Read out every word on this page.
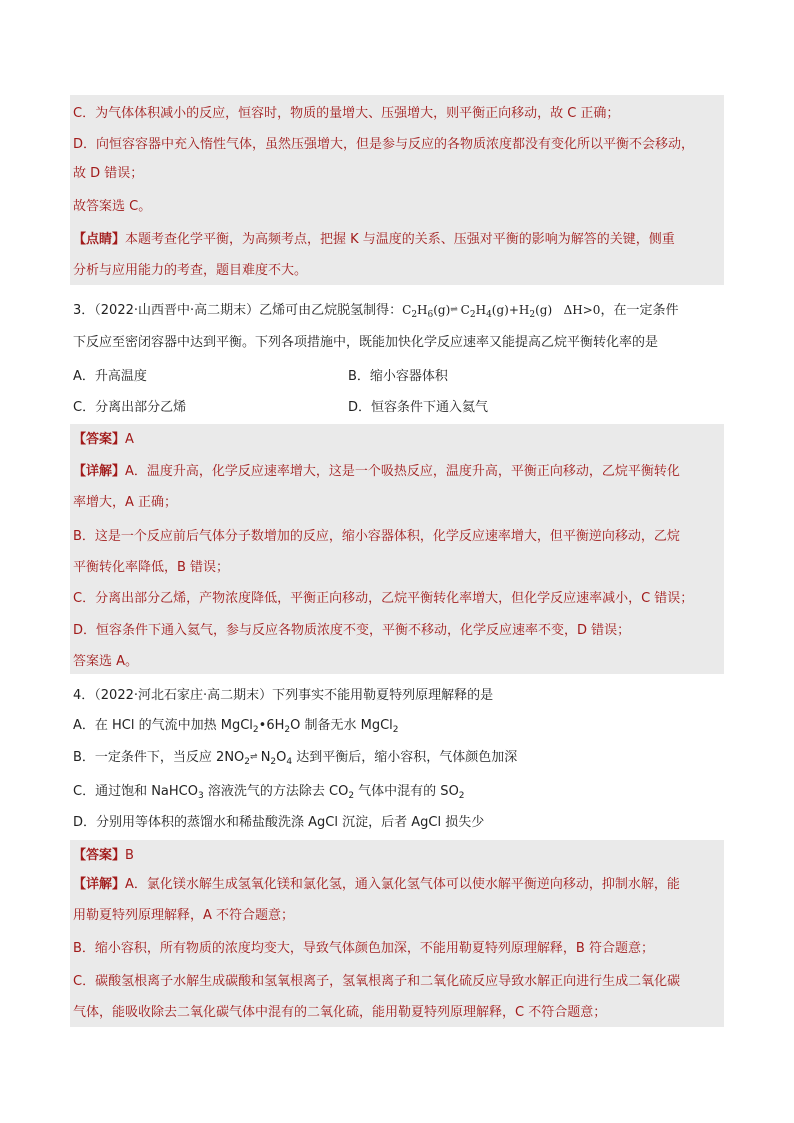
C．为气体体积减小的反应，恒容时，物质的量增大、压强增大，则平衡正向移动，故 C 正确；
D．向恒容容器中充入惰性气体，虽然压强增大，但是参与反应的各物质浓度都没有变化所以平衡不会移动，
故 D 错误；
故答案选 C。
【点睛】本题考查化学平衡，为高频考点，把握 K 与温度的关系、压强对平衡的影响为解答的关键，侧重
分析与应用能力的考查，题目难度不大。
3．（2022·山西晋中·高二期末）乙烯可由乙烷脱氢制得：$C_2H_6(g)\rightleftharpoons$ $C_2H_4(g)+H_2(g)$ ΔH>0，在一定条件
下反应至密闭容器中达到平衡。下列各项措施中，既能加快化学反应速率又能提高乙烷平衡转化率的是
A．升高温度	B．缩小容器体积
C．分离出部分乙烯	D．恒容条件下通入氦气
【答案】A
【详解】A．温度升高，化学反应速率增大，这是一个吸热反应，温度升高，平衡正向移动，乙烷平衡转化
率增大，A 正确；
B．这是一个反应前后气体分子数增加的反应，缩小容器体积，化学反应速率增大，但平衡逆向移动，乙烷
平衡转化率降低，B 错误；
C．分离出部分乙烯，产物浓度降低，平衡正向移动，乙烷平衡转化率增大，但化学反应速率减小，C 错误；
D．恒容条件下通入氦气，参与反应各物质浓度不变，平衡不移动，化学反应速率不变，D 错误；
答案选 A。
4．（2022·河北石家庄·高二期末）下列事实不能用勒夏特列原理解释的是
A．在 HCl 的气流中加热 $MgCl_2•6H_2O$ 制备无水 MgCl$_2$
B．一定条件下，当反应 $2NO_2\rightleftharpoons$ $N_2O_4$ 达到平衡后，缩小容积，气体颜色加深
C．通过饱和 NaHCO$_3$ 溶液洗气的方法除去 $CO_2$ 气体中混有的 $SO_2$
D．分别用等体积的蒸馏水和稀盐酸洗涤 AgCl 沉淀，后者 AgCl 损失少
【答案】B
【详解】A．氯化镁水解生成氢氧化镁和氯化氢，通入氯化氢气体可以使水解平衡逆向移动，抑制水解，能
用勒夏特列原理解释，A 不符合题意；
B．缩小容积，所有物质的浓度均变大，导致气体颜色加深，不能用勒夏特列原理解释，B 符合题意；
C．碳酸氢根离子水解生成碳酸和氢氧根离子，氢氧根离子和二氧化硫反应导致水解正向进行生成二氧化碳
气体，能吸收除去二氧化碳气体中混有的二氧化硫，能用勒夏特列原理解释，C 不符合题意；
